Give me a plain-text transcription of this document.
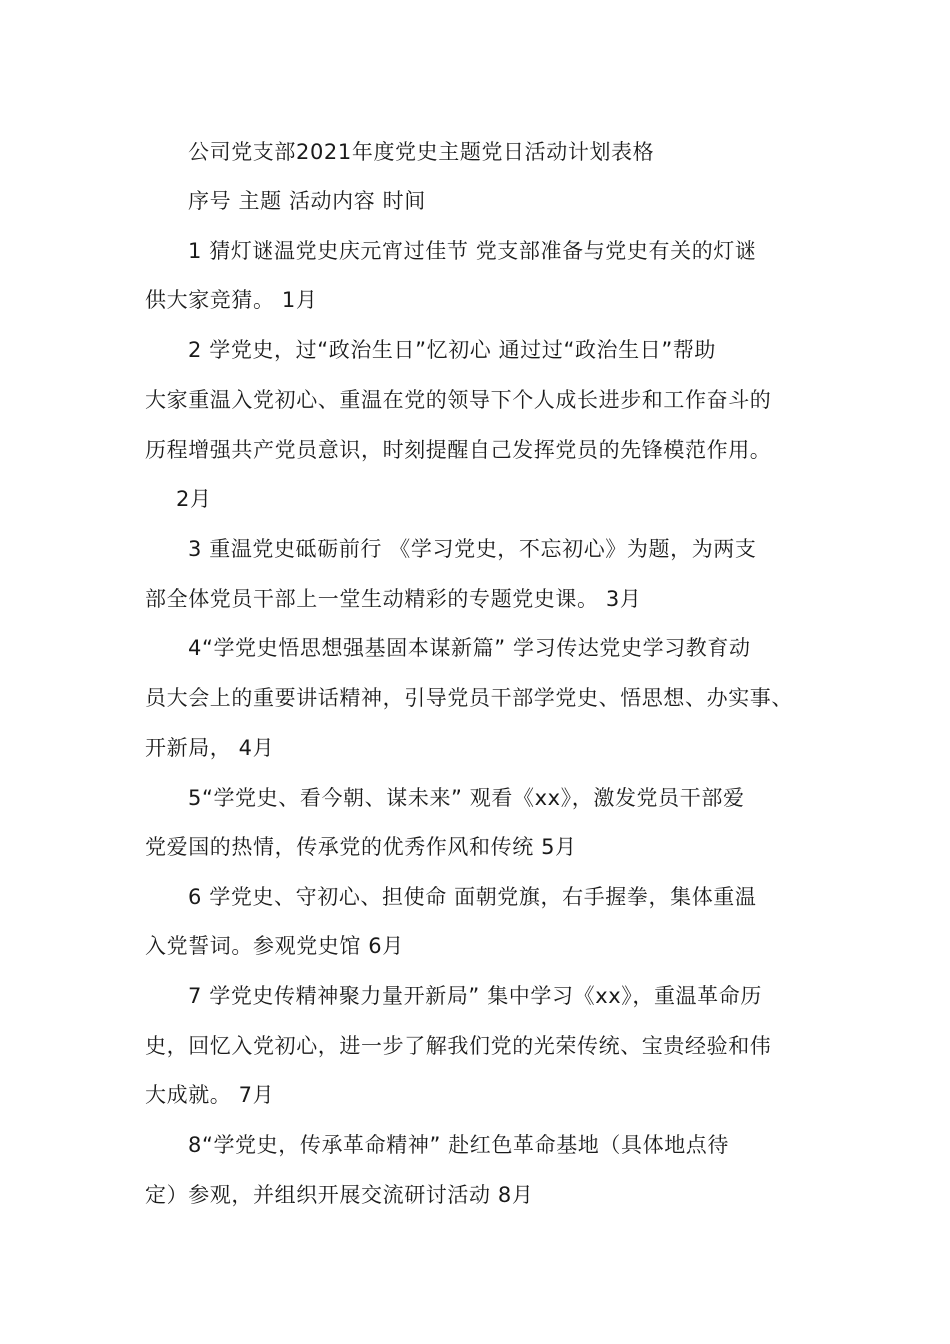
公司党支部2021年度党史主题党日活动计划表格
序号 主题 活动内容 时间
1 猜灯谜温党史庆元宵过佳节 党支部准备与党史有关的灯谜
供大家竞猜。 1月
2 学党史，过“政治生日”忆初心 通过过“政治生日”帮助
大家重温入党初心、重温在党的领导下个人成长进步和工作奋斗的
历程增强共产党员意识，时刻提醒自己发挥党员的先锋模范作用。
2月
3 重温党史砥砺前行 《学习党史，不忘初心》为题，为两支
部全体党员干部上一堂生动精彩的专题党史课。 3月
4“学党史悟思想强基固本谋新篇” 学习传达党史学习教育动
员大会上的重要讲话精神，引导党员干部学党史、悟思想、办实事、
开新局， 4月
5“学党史、看今朝、谋未来” 观看《xx》，激发党员干部爱
党爱国的热情，传承党的优秀作风和传统 5月
6 学党史、守初心、担使命 面朝党旗，右手握拳，集体重温
入党誓词。参观党史馆 6月
7 学党史传精神聚力量开新局” 集中学习《xx》，重温革命历
史，回忆入党初心，进一步了解我们党的光荣传统、宝贵经验和伟
大成就。 7月
8“学党史，传承革命精神” 赴红色革命基地（具体地点待
定）参观，并组织开展交流研讨活动 8月
